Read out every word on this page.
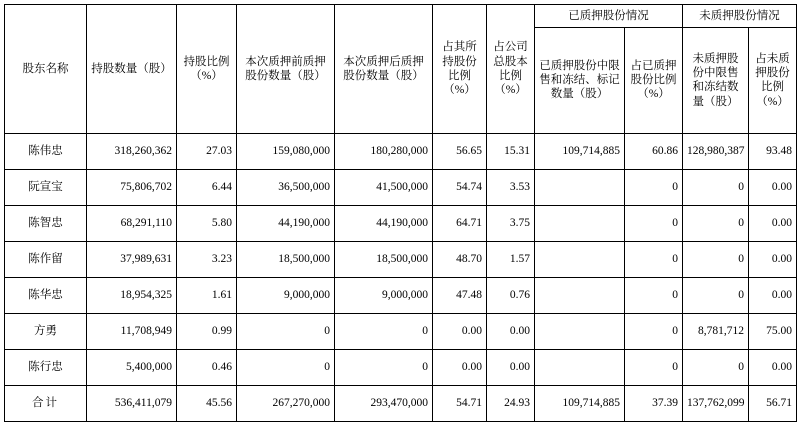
股东名称	持股数量（股）	持股比例（%）	本次质押前质押股份数量（股）	本次质押后质押股份数量（股）	占其所持股份比例（%）	占公司总股本比例（%）	已质押股份情况		未质押股份情况	
							已质押股份中限售和冻结、标记数量（股）	占已质押股份比例（%）	未质押股份中限售和冻结数量（股）	占未质押股份比例（%）
陈伟忠	318,260,362	27.03	159,080,000	180,280,000	56.65	15.31	109,714,885	60.86	128,980,387	93.48
阮宣宝	75,806,702	6.44	36,500,000	41,500,000	54.74	3.53		0	0	0.00
陈智忠	68,291,110	5.80	44,190,000	44,190,000	64.71	3.75		0	0	0.00
陈作留	37,989,631	3.23	18,500,000	18,500,000	48.70	1.57		0	0	0.00
陈华忠	18,954,325	1.61	9,000,000	9,000,000	47.48	0.76		0	0	0.00
方勇	11,708,949	0.99	0	0	0.00	0.00		0	8,781,712	75.00
陈行忠	5,400,000	0.46	0	0	0.00	0.00		0	0	0.00
合计	536,411,079	45.56	267,270,000	293,470,000	54.71	24.93	109,714,885	37.39	137,762,099	56.71
